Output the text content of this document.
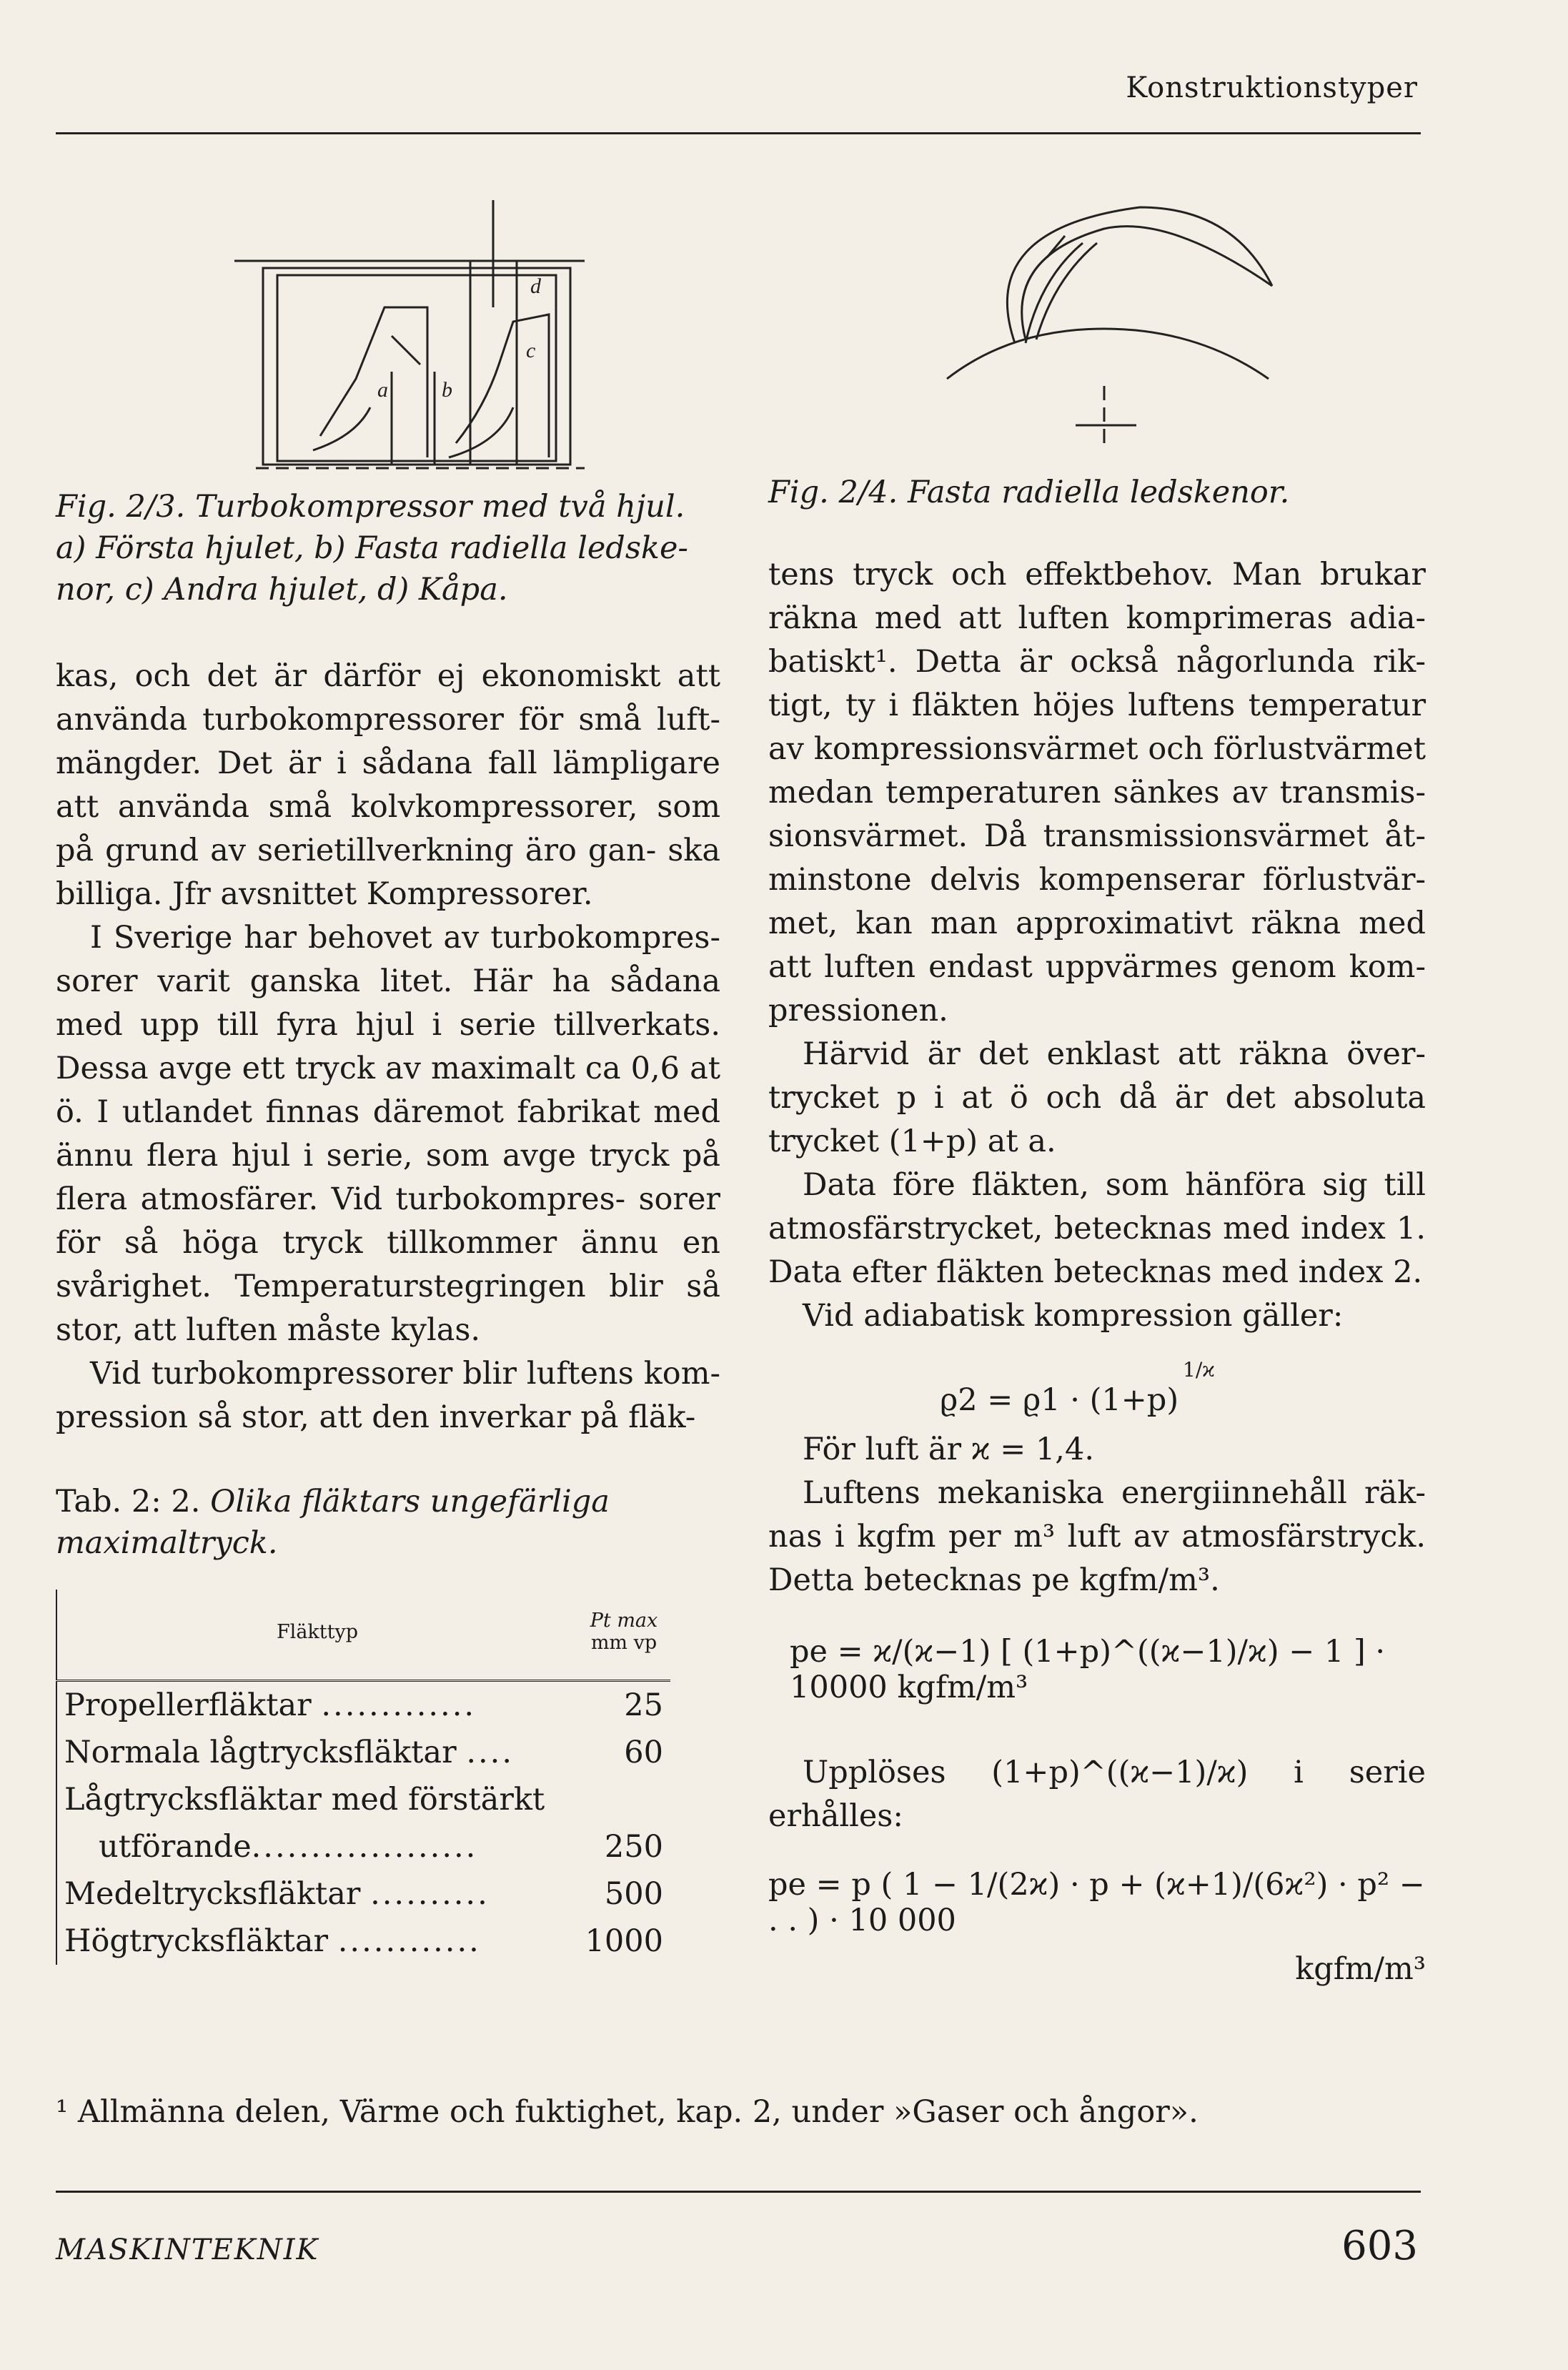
Konstruktionstyper
a	b
c
d

Fig. 2/3. Turbokompressor med två hjul.

a) Första hjulet, b) Fasta radiella ledske-

nor, c) Andra hjulet, d) Kåpa.

kas, och det är därför ej ekonomiskt att använda turbokompressorer för små luft- mängder. Det är i sådana fall lämpligare att använda små kolvkompressorer, som på grund av serietillverkning äro gan- ska billiga. Jfr avsnittet Kompressorer.

I Sverige har behovet av turbokompres- sorer varit ganska litet. Här ha sådana med upp till fyra hjul i serie tillverkats. Dessa avge ett tryck av maximalt ca 0,6 at ö. I utlandet finnas däremot fabrikat med ännu flera hjul i serie, som avge tryck på flera atmosfärer. Vid turbokompres- sorer för så höga tryck tillkommer ännu en svårighet. Temperaturstegringen blir så stor, att luften måste kylas.

Vid turbokompressorer blir luftens kom- pression så stor, att den inverkar på fläk-

Tab. 2: 2. Olika fläktars ungefärliga maximaltryck.

Fläkttyp	Pt max
mm vp

Propellerfläktar .............	25
Normala lågtrycksfläktar ....	60
Lågtrycksfläktar med förstärkt	
utförande...................	250
Medeltrycksfläktar ..........	500
Högtrycksfläktar ............	1000

Fig. 2/4. Fasta radiella ledskenor.

tens tryck och effektbehov. Man brukar räkna med att luften komprimeras adia- batiskt¹. Detta är också någorlunda rik- tigt, ty i fläkten höjes luftens temperatur av kompressionsvärmet och förlustvärmet medan temperaturen sänkes av transmis- sionsvärmet. Då transmissionsvärmet åt- minstone delvis kompenserar förlustvär- met, kan man approximativt räkna med att luften endast uppvärmes genom kom- pressionen.

Härvid är det enklast att räkna över- trycket p i at ö och då är det absoluta trycket (1+p) at a.

Data före fläkten, som hänföra sig till atmosfärstrycket, betecknas med index 1. Data efter fläkten betecknas med index 2.

Vid adiabatisk kompression gäller:

ϱ2 = ϱ1 · (1+p)
1/ϰ

För luft är ϰ = 1,4.

Luftens mekaniska energiinnehåll räk- nas i kgfm per m³ luft av atmosfärstryck. Detta betecknas pe kgfm/m³.

pe = ϰ/(ϰ−1) [ (1+p)^((ϰ−1)/ϰ) − 1 ] · 10000 kgfm/m³

Upplöses (1+p)^((ϰ−1)/ϰ) i serie erhålles:

pe = p ( 1 − 1/(2ϰ) · p + (ϰ+1)/(6ϰ²) · p² − . . ) · 10 000
kgfm/m³
¹ Allmänna delen, Värme och fuktighet, kap. 2, under »Gaser och ångor».
MASKINTEKNIK	603
